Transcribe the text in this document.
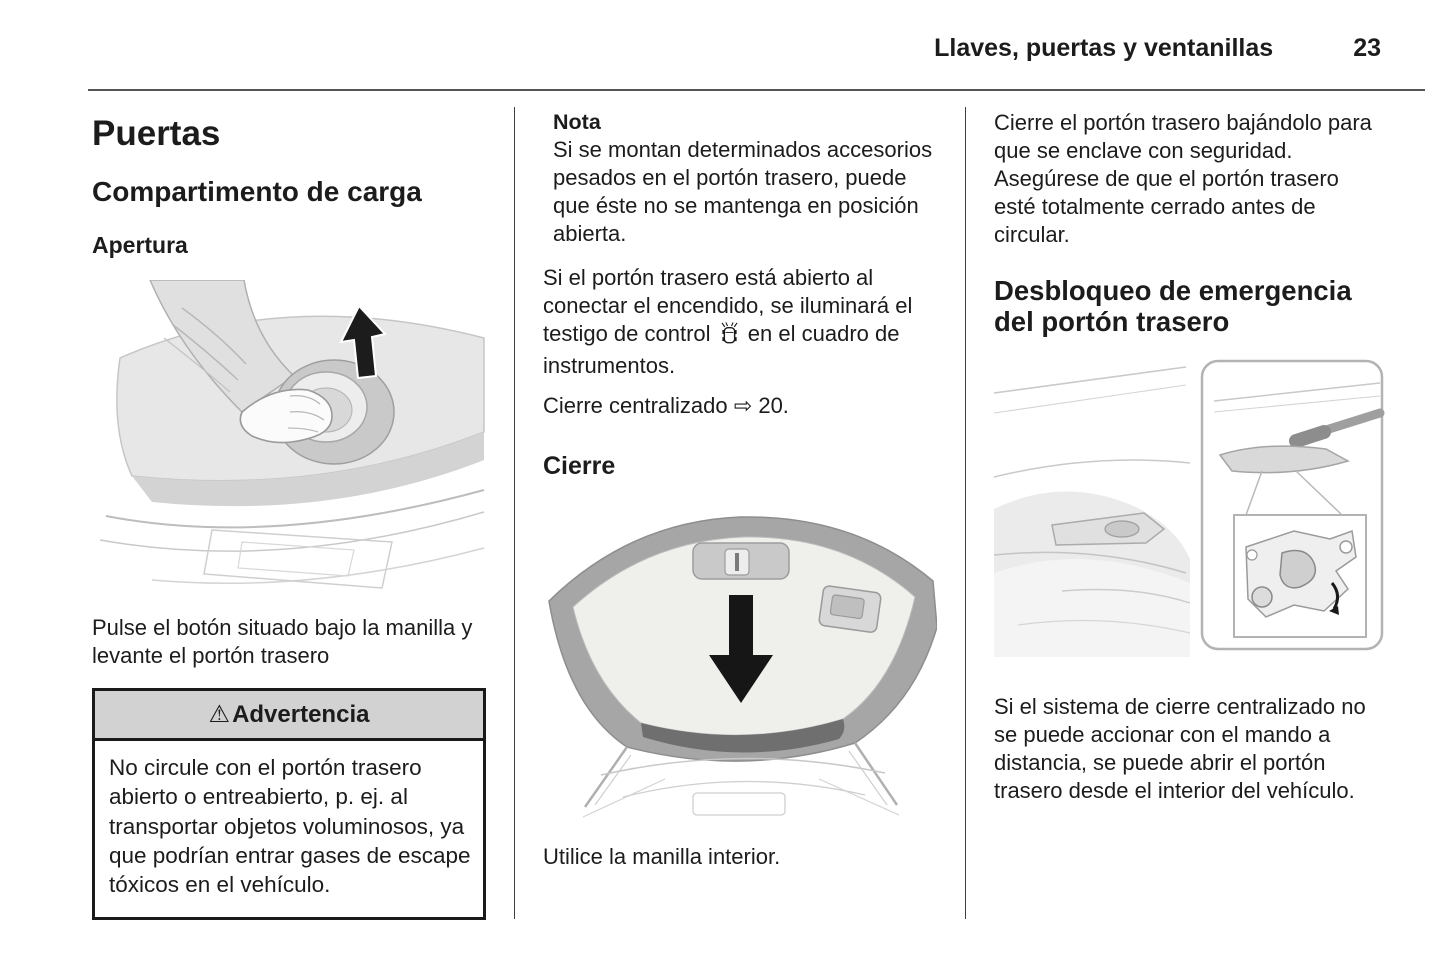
Llaves, puertas y ventanillas	23
Puertas
Compartimento de carga
Apertura

Pulse el botón situado bajo la manilla y levante el portón trasero

⚠Advertencia
No circule con el portón trasero abierto o entreabierto, p. ej. al transportar objetos voluminosos, ya que podrían entrar gases de escape tóxicos en el vehículo.
Nota

Si se montan determinados accesorios pesados en el portón trasero, puede que éste no se mantenga en posición abierta.

Si el portón trasero está abierto al conectar el encendido, se iluminará el testigo de control en el cuadro de instrumentos.

Cierre centralizado ⇨ 20.

Cierre

Utilice la manilla interior.

Cierre el portón trasero bajándolo para que se enclave con seguridad. Asegúrese de que el portón trasero esté totalmente cerrado antes de circular.

Desbloqueo de emergencia del portón trasero

Si el sistema de cierre centralizado no se puede accionar con el mando a distancia, se puede abrir el portón trasero desde el interior del vehículo.
